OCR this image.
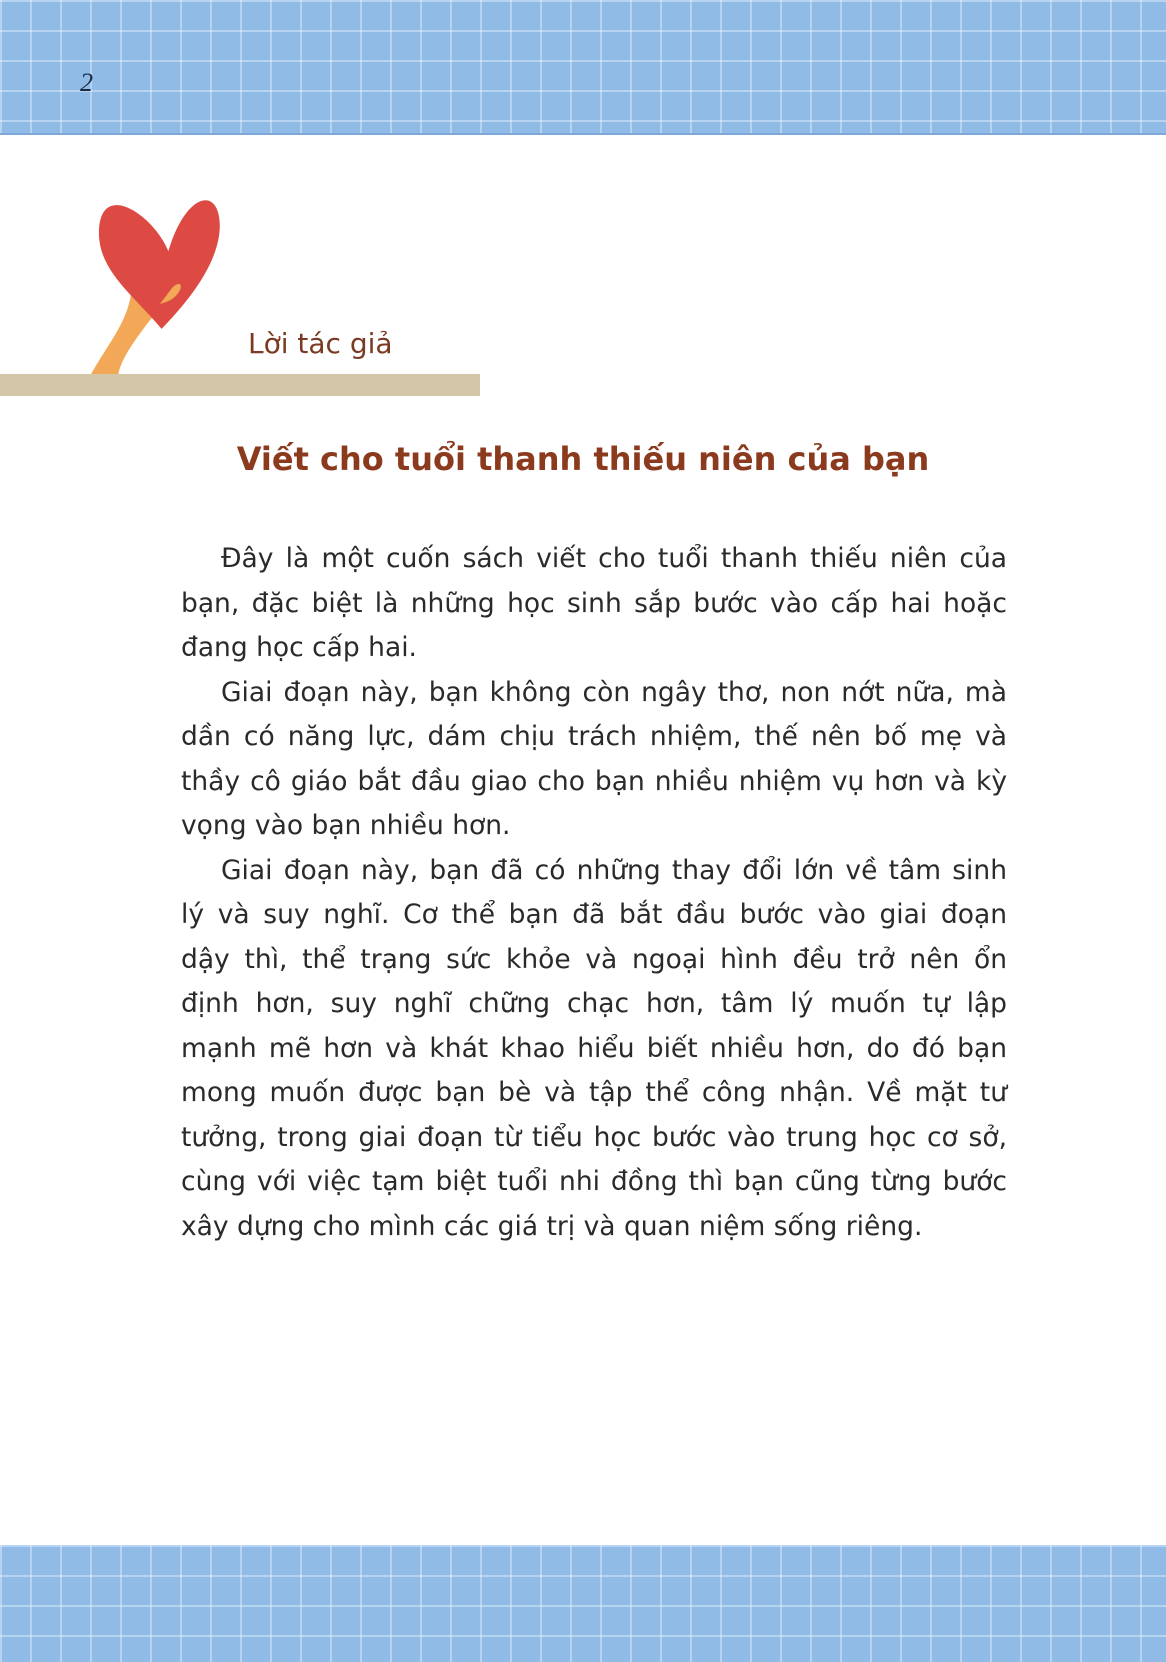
2
Lời tác giả
Viết cho tuổi thanh thiếu niên của bạn
Đây là một cuốn sách viết cho tuổi thanh thiếu niên của
bạn, đặc biệt là những học sinh sắp bước vào cấp hai hoặc
đang học cấp hai.
Giai đoạn này, bạn không còn ngây thơ, non nớt nữa, mà
dần có năng lực, dám chịu trách nhiệm, thế nên bố mẹ và
thầy cô giáo bắt đầu giao cho bạn nhiều nhiệm vụ hơn và kỳ
vọng vào bạn nhiều hơn.
Giai đoạn này, bạn đã có những thay đổi lớn về tâm sinh
lý và suy nghĩ. Cơ thể bạn đã bắt đầu bước vào giai đoạn
dậy thì, thể trạng sức khỏe và ngoại hình đều trở nên ổn
định hơn, suy nghĩ chững chạc hơn, tâm lý muốn tự lập
mạnh mẽ hơn và khát khao hiểu biết nhiều hơn, do đó bạn
mong muốn được bạn bè và tập thể công nhận. Về mặt tư
tưởng, trong giai đoạn từ tiểu học bước vào trung học cơ sở,
cùng với việc tạm biệt tuổi nhi đồng thì bạn cũng từng bước
xây dựng cho mình các giá trị và quan niệm sống riêng.
